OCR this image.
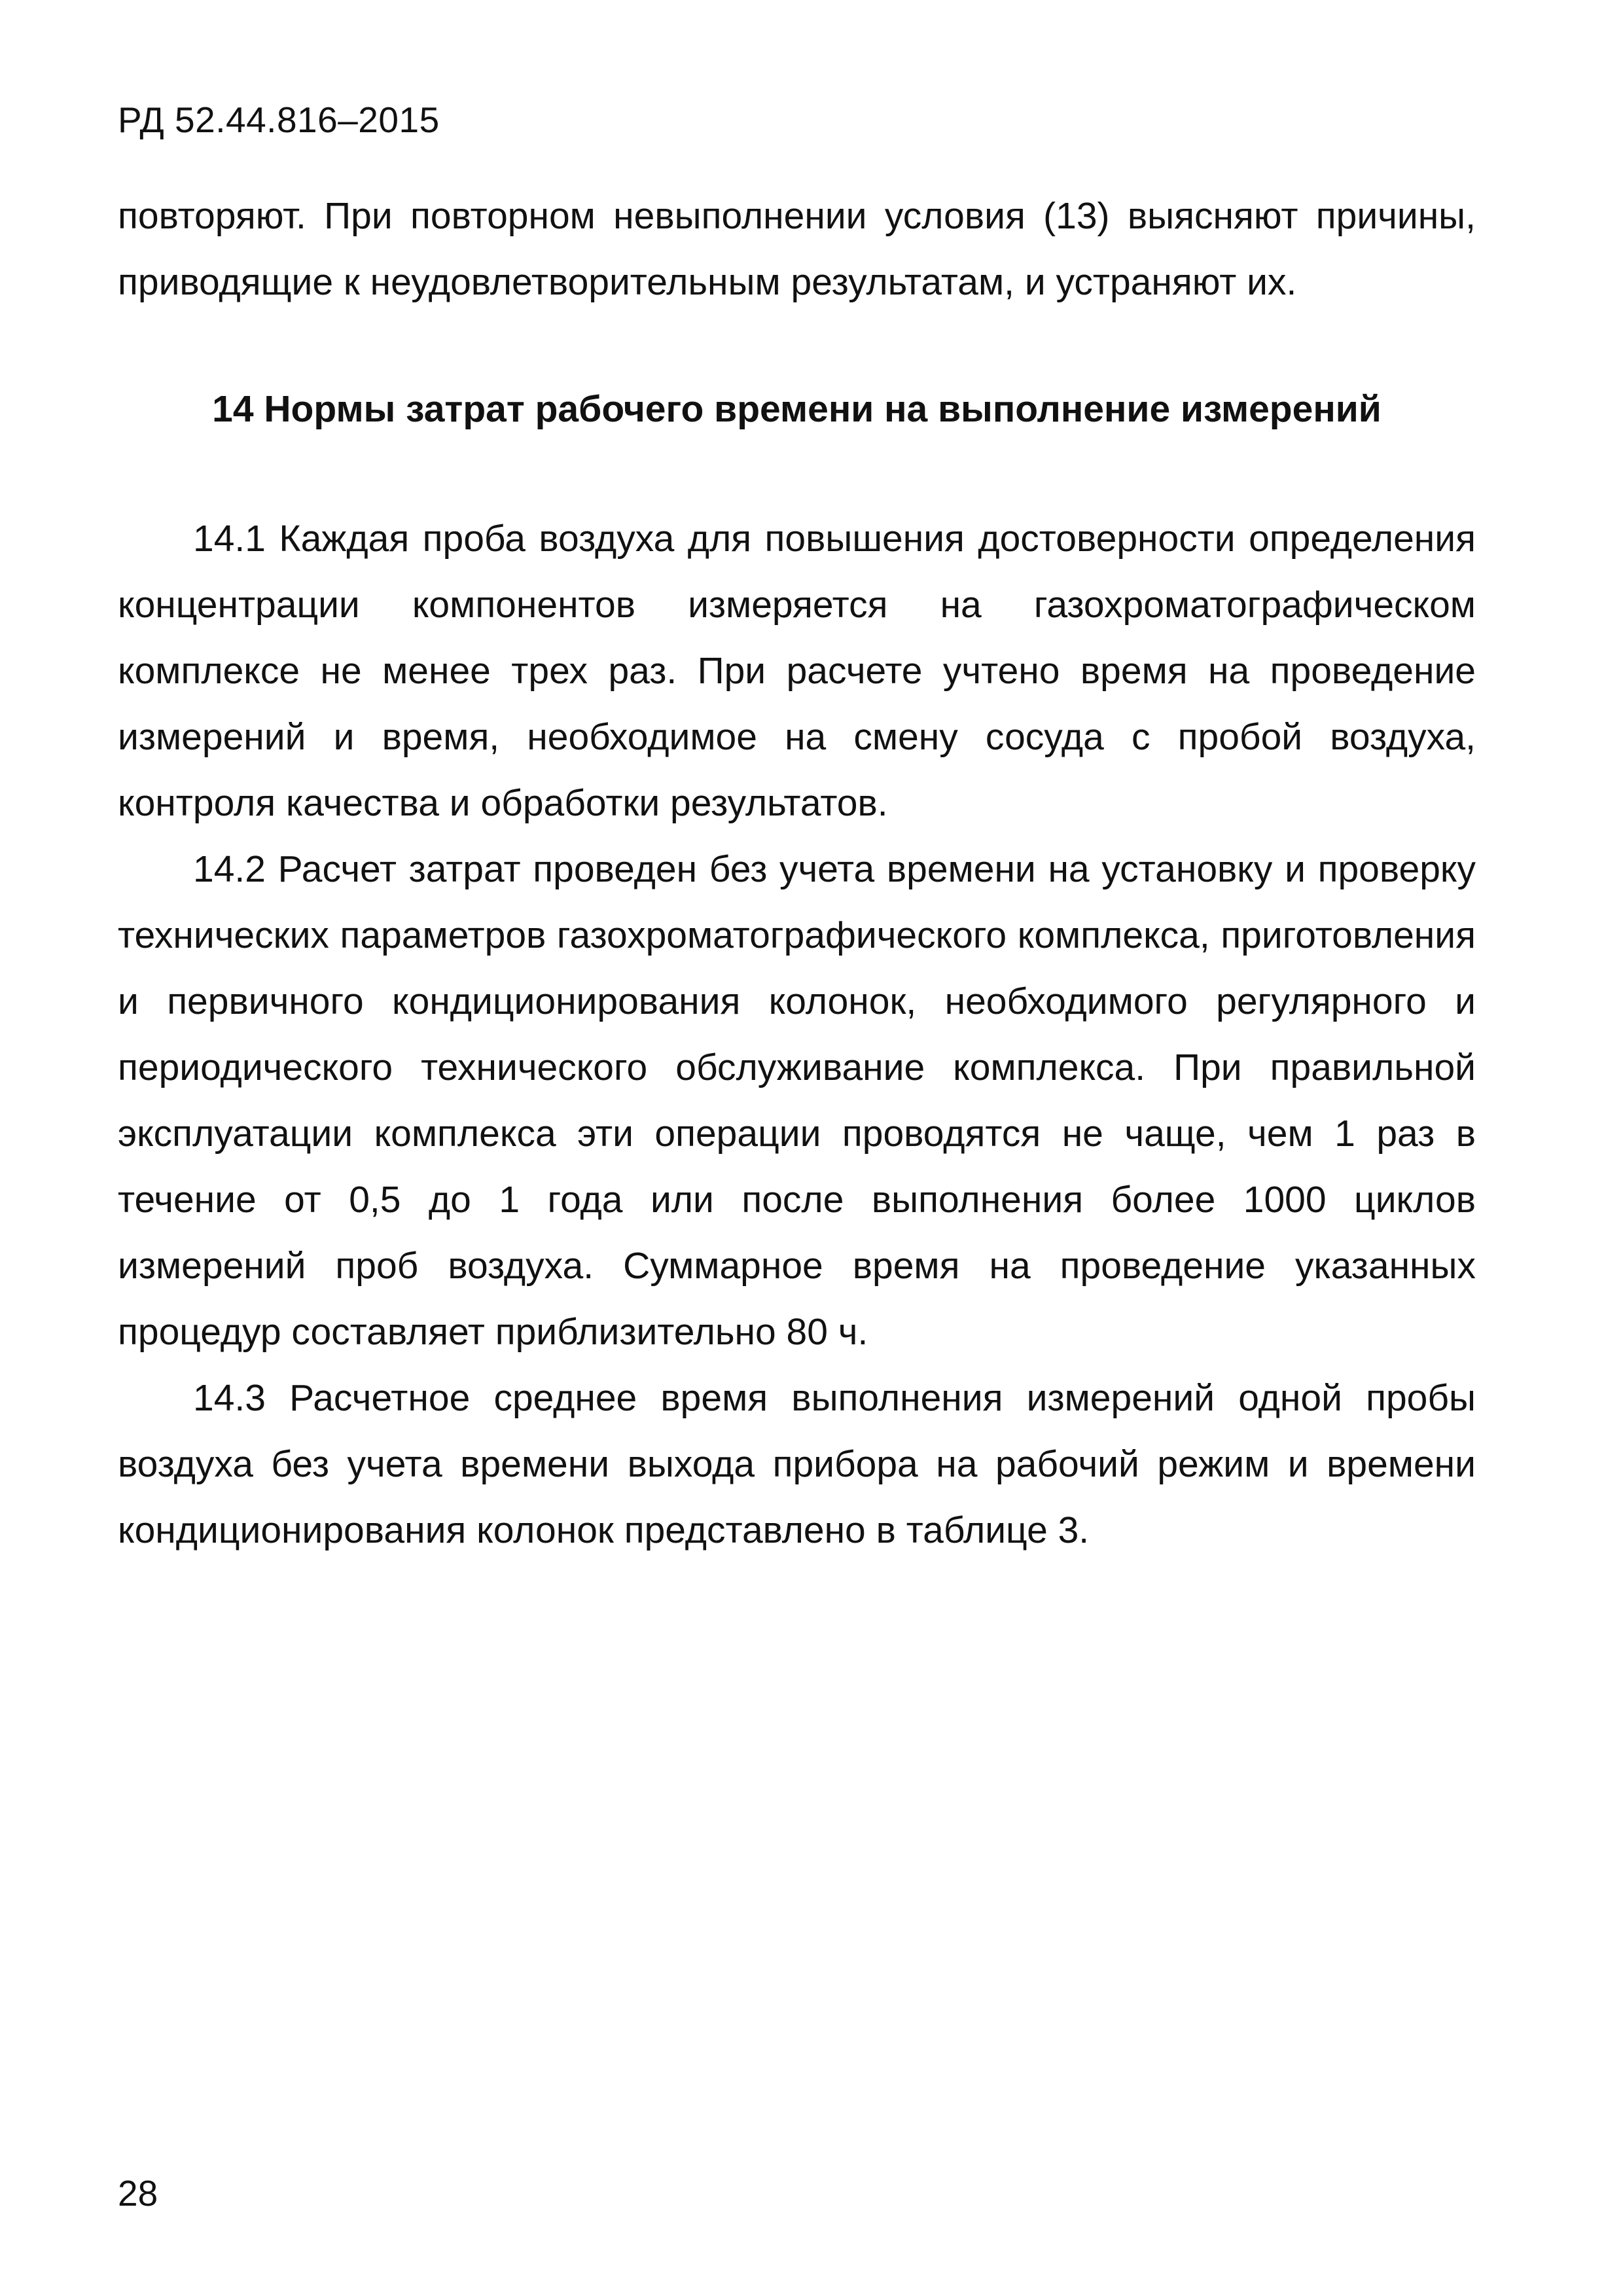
РД 52.44.816–2015

повторяют. При повторном невыполнении условия (13) выясняют причины, приводящие к неудовлетворительным результатам, и устраняют их.

14 Нормы затрат рабочего времени на выполнение измерений

14.1 Каждая проба воздуха для повышения достоверности определения концентрации компонентов измеряется на газохроматографическом комплексе не менее трех раз. При расчете учтено время на проведение измерений и время, необходимое на смену сосуда с пробой воздуха, контроля качества и обработки результатов.

14.2 Расчет затрат проведен без учета времени на установку и проверку технических параметров газохроматографического комплекса, приготовления и первичного кондиционирования колонок, необходимого регулярного и периодического технического обслуживание комплекса. При правильной эксплуатации комплекса эти операции проводятся не чаще, чем 1 раз в течение от 0,5 до 1 года или после выполнения более 1000 циклов измерений проб воздуха. Суммарное время на проведение указанных процедур составляет приблизительно 80 ч.

14.3 Расчетное среднее время выполнения измерений одной пробы воздуха без учета времени выхода прибора на рабочий режим и времени кондиционирования колонок представлено в таблице 3.

28
